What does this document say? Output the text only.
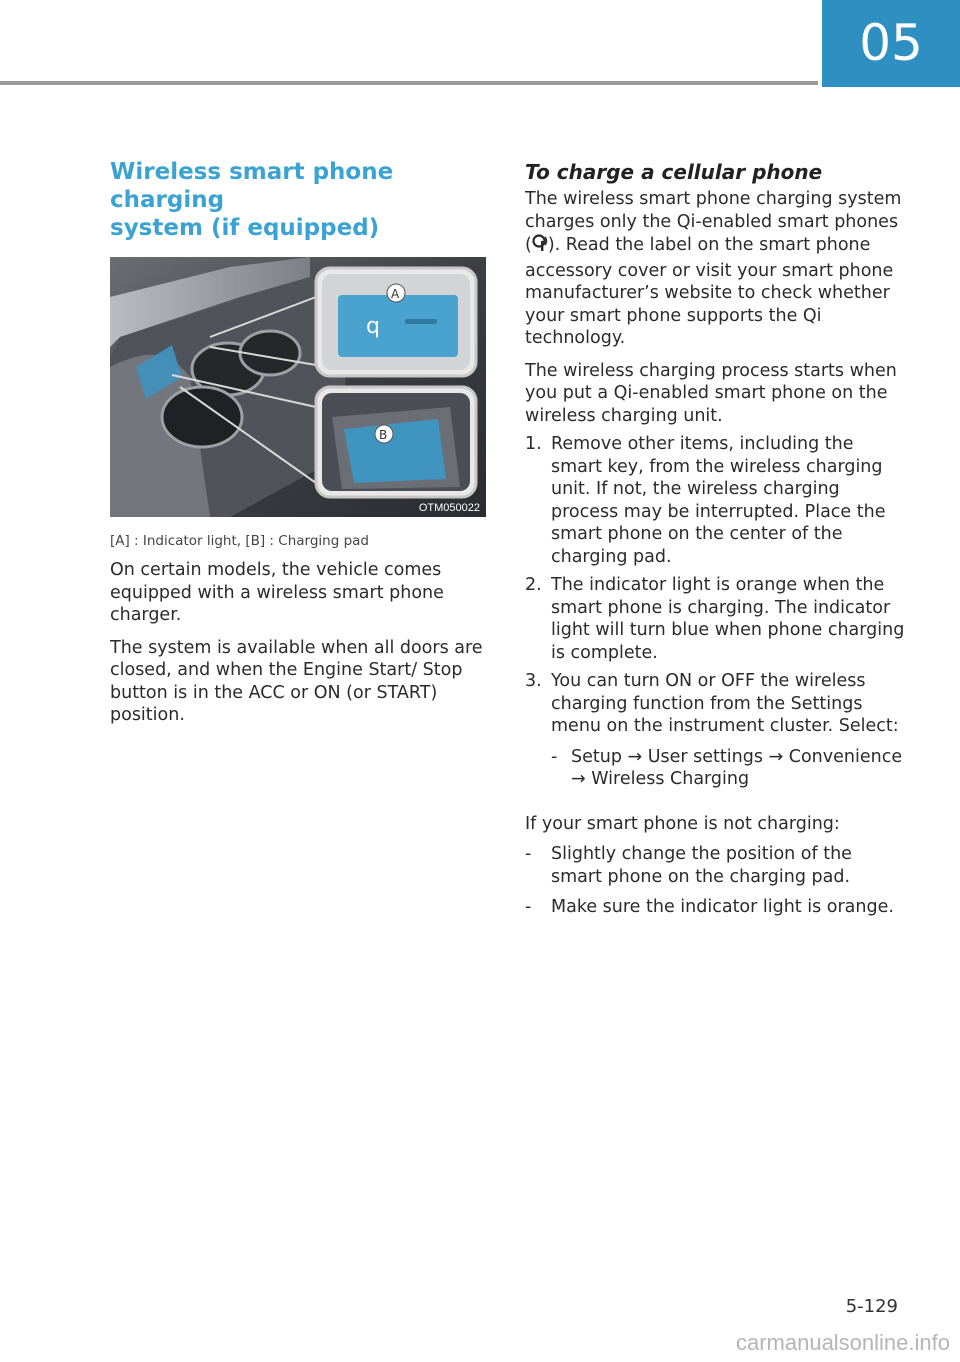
05
Wireless smart phone charging
system (if equipped)
q
A
B
OTM050022
[A] : Indicator light, [B] : Charging pad

On certain models, the vehicle comes equipped with a wireless smart phone charger.

The system is available when all doors are closed, and when the Engine Start/ Stop button is in the ACC or ON (or START) position.

To charge a cellular phone

The wireless smart phone charging system charges only the Qi-enabled smart phones ( ). Read the label on the smart phone accessory cover or visit your smart phone manufacturer’s website to check whether your smart phone supports the Qi technology.

The wireless charging process starts when you put a Qi-enabled smart phone on the wireless charging unit.

1. Remove other items, including the smart key, from the wireless charging unit. If not, the wireless charging process may be interrupted. Place the smart phone on the center of the charging pad.
2. The indicator light is orange when the smart phone is charging. The indicator light will turn blue when phone charging is complete.
3. You can turn ON or OFF the wireless charging function from the Settings menu on the instrument cluster. Select:
- Setup → User settings → Convenience → Wireless Charging

If your smart phone is not charging:

- Slightly change the position of the smart phone on the charging pad.
- Make sure the indicator light is orange.
5-129
carmanualsonline.info
